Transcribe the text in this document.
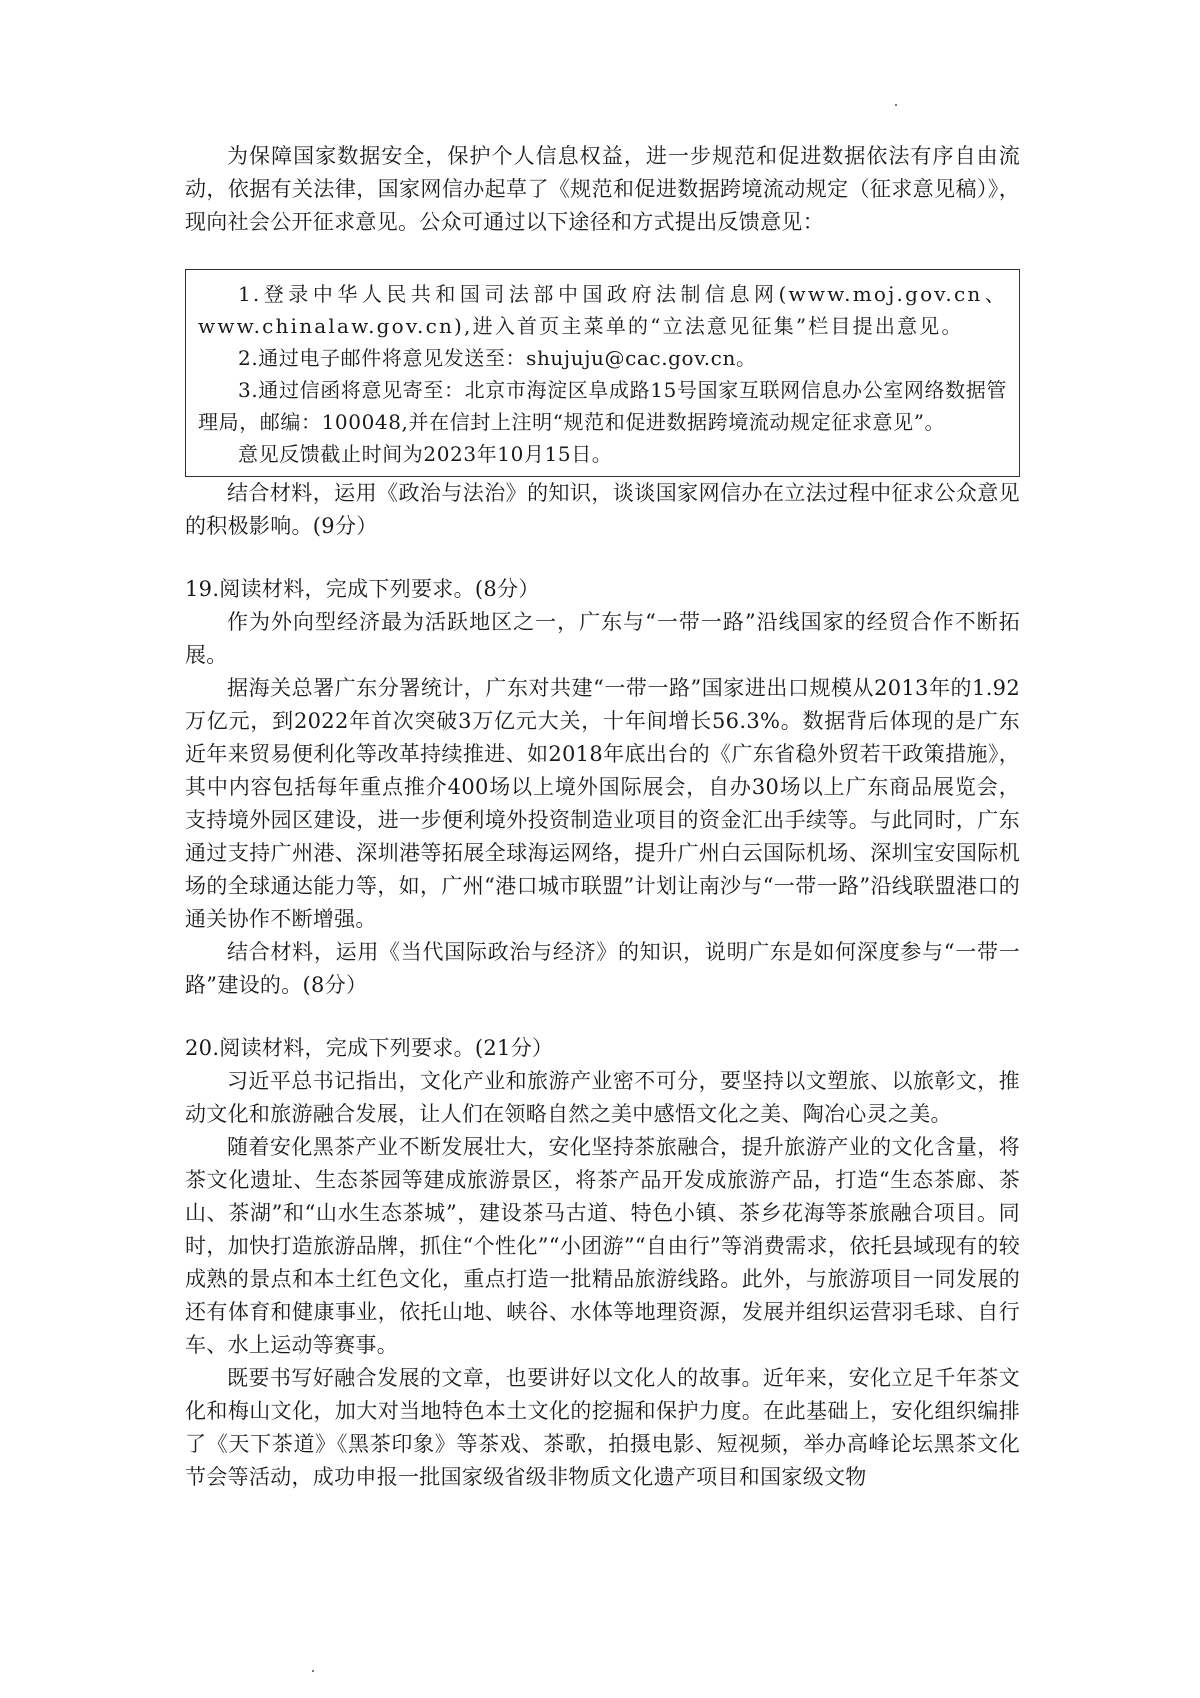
为保障国家数据安全，保护个人信息权益，进一步规范和促进数据依法有序自由流动，依据有关法律，国家网信办起草了《规范和促进数据跨境流动规定（征求意见稿）》，现向社会公开征求意见。公众可通过以下途径和方式提出反馈意见：

1.登录中华人民共和国司法部中国政府法制信息网(www.moj.gov.cn、www.chinalaw.gov.cn),进入首页主菜单的“立法意见征集”栏目提出意见。

2.通过电子邮件将意见发送至：shujuju@cac.gov.cn。

3.通过信函将意见寄至：北京市海淀区阜成路15号国家互联网信息办公室网络数据管理局，邮编：100048,并在信封上注明“规范和促进数据跨境流动规定征求意见”。

意见反馈截止时间为2023年10月15日。

结合材料，运用《政治与法治》的知识，谈谈国家网信办在立法过程中征求公众意见的积极影响。(9分）

19.阅读材料，完成下列要求。(8分）

作为外向型经济最为活跃地区之一，广东与“一带一路”沿线国家的经贸合作不断拓展。

据海关总署广东分署统计，广东对共建“一带一路”国家进出口规模从2013年的1.92万亿元，到2022年首次突破3万亿元大关，十年间增长56.3%。数据背后体现的是广东近年来贸易便利化等改革持续推进、如2018年底出台的《广东省稳外贸若干政策措施》，其中内容包括每年重点推介400场以上境外国际展会，自办30场以上广东商品展览会，支持境外园区建设，进一步便利境外投资制造业项目的资金汇出手续等。与此同时，广东通过支持广州港、深圳港等拓展全球海运网络，提升广州白云国际机场、深圳宝安国际机场的全球通达能力等，如，广州“港口城市联盟”计划让南沙与“一带一路”沿线联盟港口的通关协作不断增强。

结合材料，运用《当代国际政治与经济》的知识，说明广东是如何深度参与“一带一路”建设的。(8分）

20.阅读材料，完成下列要求。(21分）

习近平总书记指出，文化产业和旅游产业密不可分，要坚持以文塑旅、以旅彰文，推动文化和旅游融合发展，让人们在领略自然之美中感悟文化之美、陶冶心灵之美。

随着安化黑茶产业不断发展壮大，安化坚持茶旅融合，提升旅游产业的文化含量，将茶文化遗址、生态茶园等建成旅游景区，将茶产品开发成旅游产品，打造“生态茶廊、茶山、茶湖”和“山水生态茶城”，建设茶马古道、特色小镇、茶乡花海等茶旅融合项目。同时，加快打造旅游品牌，抓住“个性化”“小团游”“自由行”等消费需求，依托县域现有的较成熟的景点和本土红色文化，重点打造一批精品旅游线路。此外，与旅游项目一同发展的还有体育和健康事业，依托山地、峡谷、水体等地理资源，发展并组织运营羽毛球、自行车、水上运动等赛事。

既要书写好融合发展的文章，也要讲好以文化人的故事。近年来，安化立足千年茶文化和梅山文化，加大对当地特色本土文化的挖掘和保护力度。在此基础上，安化组织编排了《天下茶道》《黑茶印象》等茶戏、茶歌，拍摄电影、短视频，举办高峰论坛黑茶文化节会等活动，成功申报一批国家级省级非物质文化遗产项目和国家级文物
